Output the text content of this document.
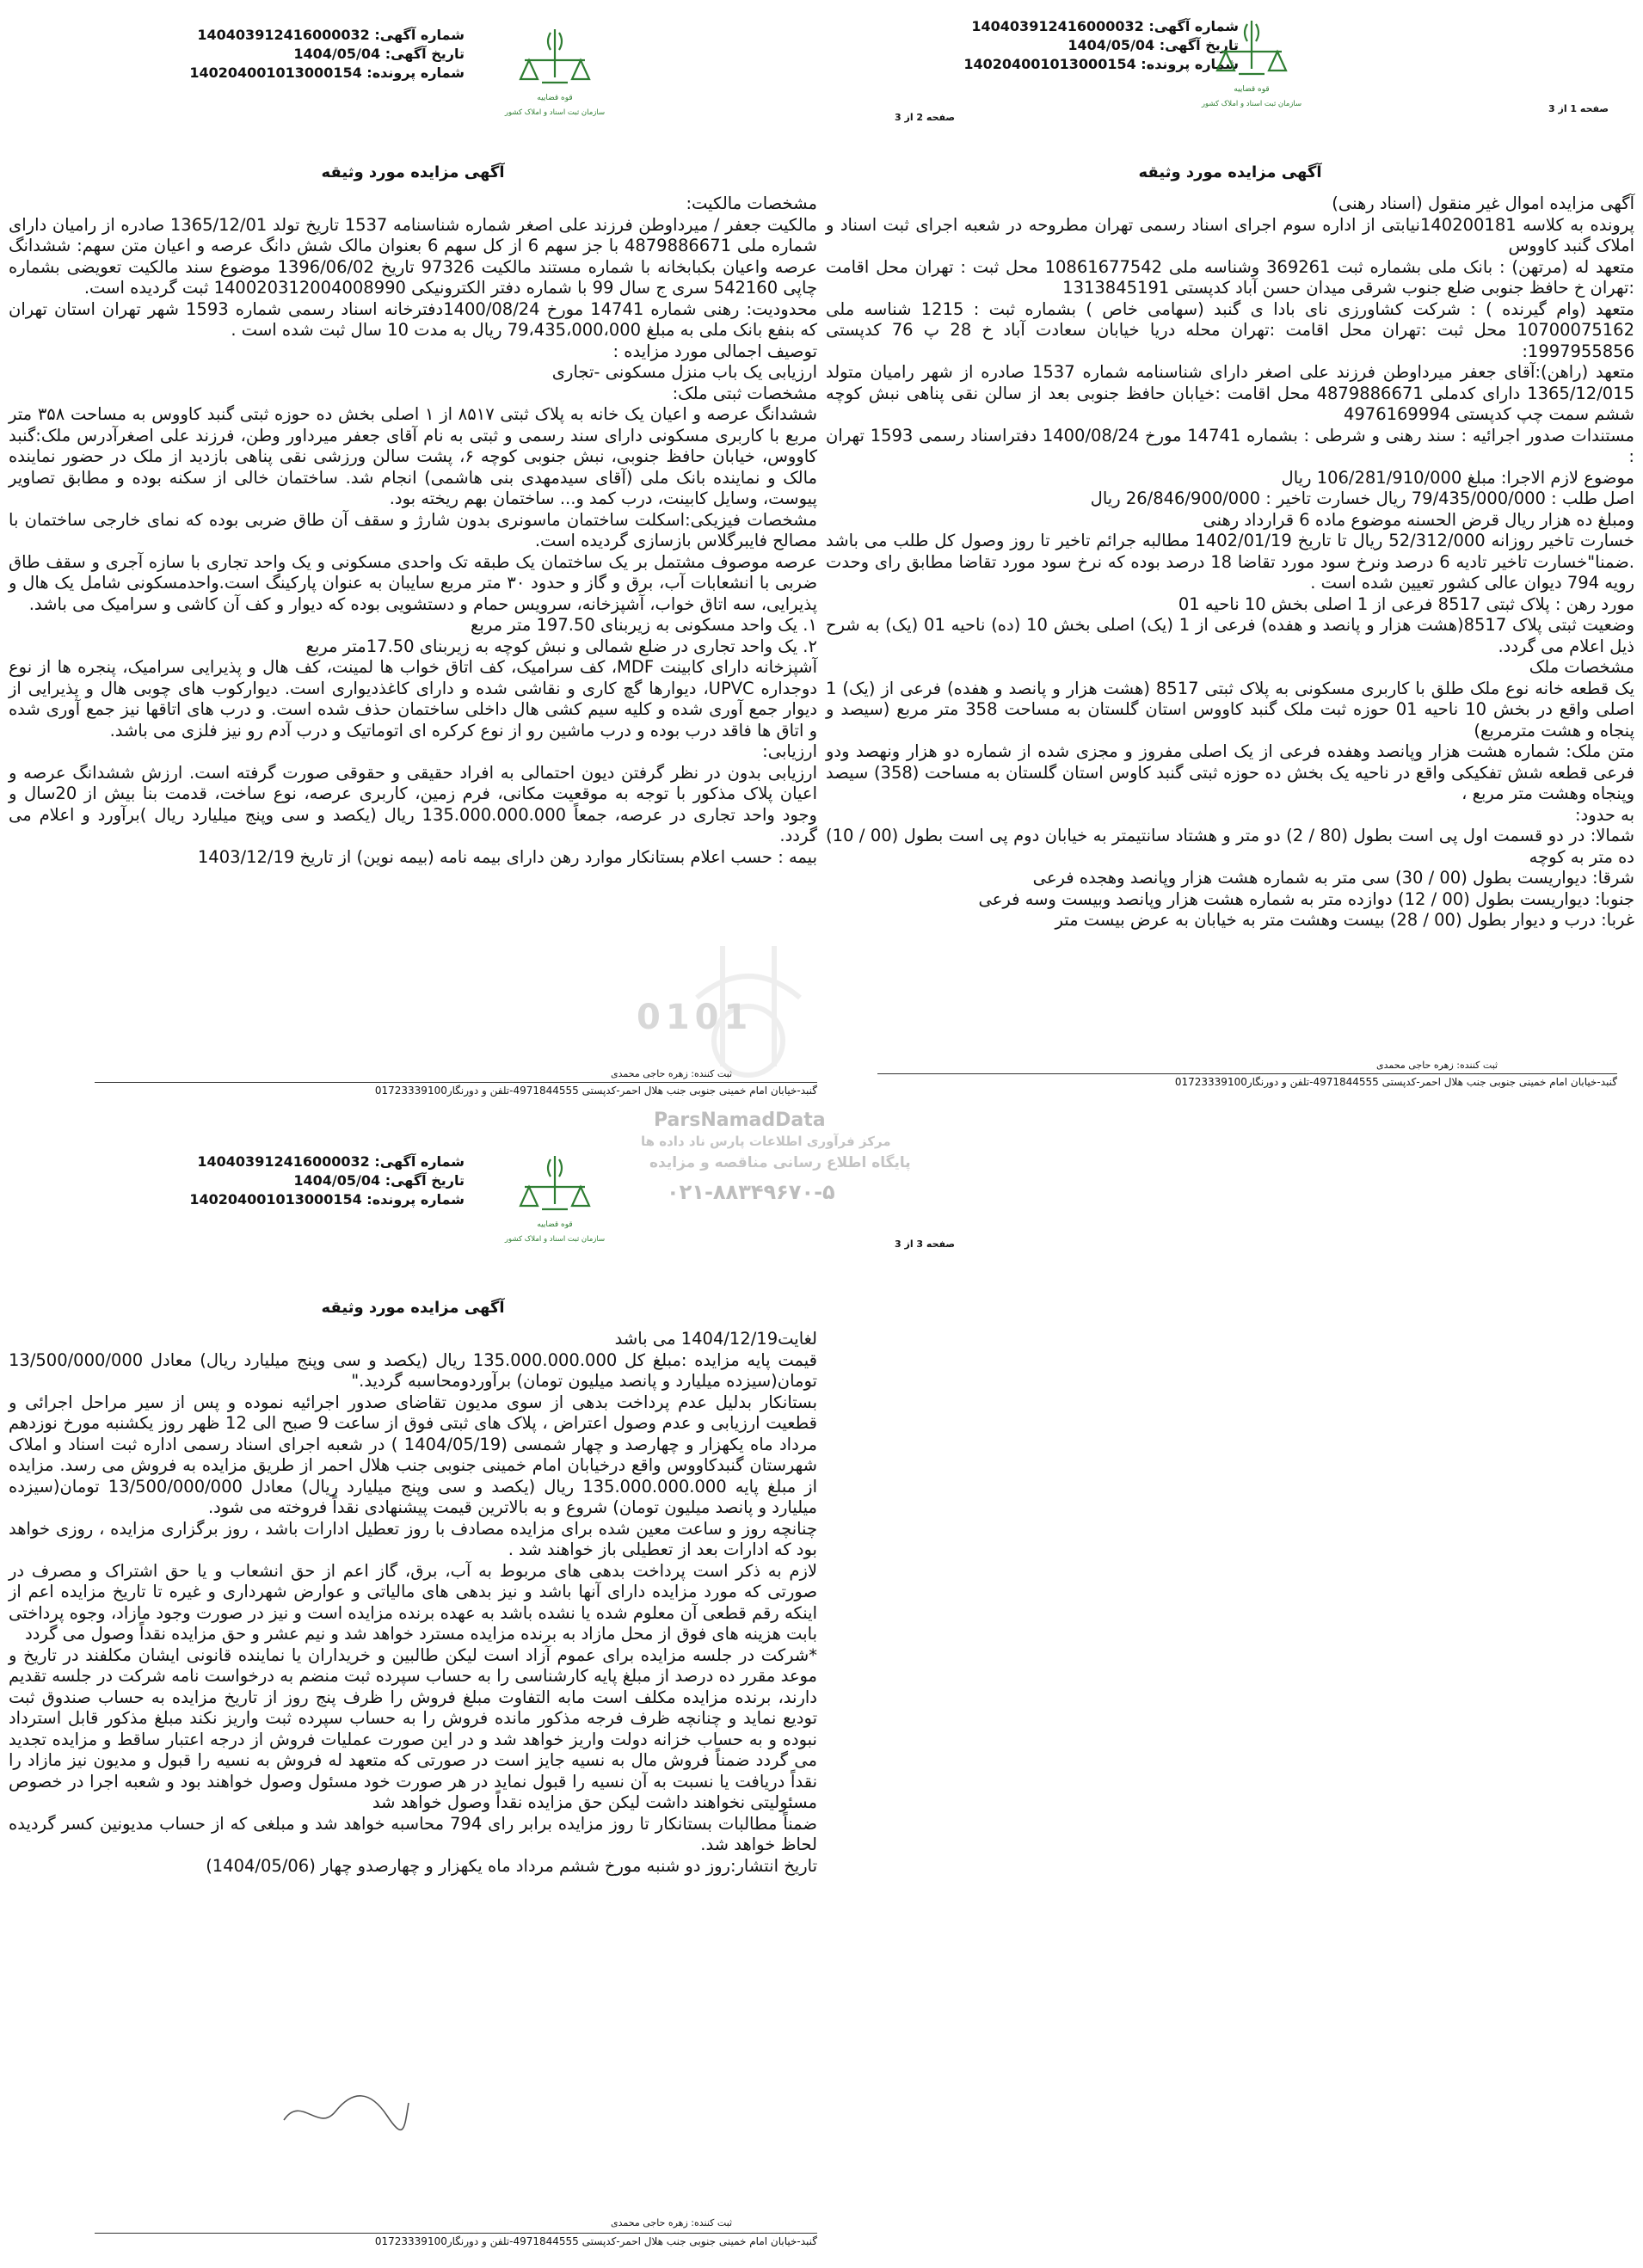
شماره آگهی: 140403912416000032
تاریخ آگهی: 1404/05/04
شماره پرونده: 140204001013000154
قوه قضاییه
سازمان ثبت اسناد و املاک کشور	صفحه 1 از 3
آگهی مزایده مورد وثیقه

آگهی مزایده اموال غیر منقول (اسناد رهنی)

پرونده به کلاسه 140200181نیابتی از اداره سوم اجرای اسناد رسمی تهران مطروحه در شعبه اجرای ثبت اسناد و املاک گنبد کاووس

متعهد له (مرتهن) : بانک ملی بشماره ثبت 369261 وشناسه ملی 10861677542 محل ثبت : تهران محل اقامت :تهران خ حافظ جنوبی ضلع جنوب شرقی میدان حسن آباد کدپستی 1313845191

متعهد (وام گیرنده ) : شرکت کشاورزی نای بادا ی گنبد (سهامی خاص ) بشماره ثبت : 1215 شناسه ملی 10700075162 محل ثبت :تهران محل اقامت :تهران محله دریا خیابان سعادت آباد خ 28 پ 76 کدپستی 1997955856:

متعهد (راهن):آقای جعفر میرداوطن فرزند علی اصغر دارای شناسنامه شماره 1537 صادره از شهر رامیان متولد 1365/12/015 دارای کدملی 4879886671 محل اقامت :خیابان حافظ جنوبی بعد از سالن نقی پناهی نبش کوچه ششم سمت چپ کدپستی 4976169994

مستندات صدور اجرائیه : سند رهنی و شرطی : بشماره 14741 مورخ 1400/08/24 دفتراسناد رسمی 1593 تهران :

موضوع لازم الاجرا: مبلغ 106/281/910/000 ریال

اصل طلب : 79/435/000/000 ریال خسارت تاخیر : 26/846/900/000 ریال

ومبلغ ده هزار ریال قرض الحسنه موضوع ماده 6 قرارداد رهنی

خسارت تاخیر روزانه 52/312/000 ریال تا تاریخ 1402/01/19 مطالبه جرائم تاخیر تا روز وصول کل طلب می باشد .ضمنا"خسارت تاخیر تادیه 6 درصد ونرخ سود مورد تقاضا 18 درصد بوده که نرخ سود مورد تقاضا مطابق رای وحدت رویه 794 دیوان عالی کشور تعیین شده است .

مورد رهن : پلاک ثبتی 8517 فرعی از 1 اصلی بخش 10 ناحیه 01

وضعیت ثبتی پلاک 8517(هشت هزار و پانصد و هفده) فرعی از 1 (یک) اصلی بخش 10 (ده) ناحیه 01 (یک) به شرح ذیل اعلام می گردد.

مشخصات ملک

یک قطعه خانه نوع ملک طلق با کاربری مسکونی به پلاک ثبتی 8517 (هشت هزار و پانصد و هفده) فرعی از (یک) 1 اصلی واقع در بخش 10 ناحیه 01 حوزه ثبت ملک گنبد کاووس استان گلستان به مساحت 358 متر مربع (سیصد و پنجاه و هشت مترمربع)

متن ملک: شماره هشت هزار وپانصد وهفده فرعی از یک اصلی مفروز و مجزی شده از شماره دو هزار ونهصد ودو فرعی قطعه شش تفکیکی واقع در ناحیه یک بخش ده حوزه ثبتی گنبد کاوس استان گلستان به مساحت (358) سیصد وپنجاه وهشت متر مربع ،

به حدود:

شمالا: در دو قسمت اول پی است بطول (80 / 2) دو متر و هشتاد سانتیمتر به خیابان دوم پی است بطول (00 / 10) ده متر به کوچه

شرقا: دیواریست بطول (00 / 30) سی متر به شماره هشت هزار وپانصد وهجده فرعی

جنوبا: دیواریست بطول (00 / 12) دوازده متر به شماره هشت هزار وپانصد وبیست وسه فرعی

غربا: درب و دیوار بطول (00 / 28) بیست وهشت متر به خیابان به عرض بیست متر

ثبت کننده: زهره حاجی محمدی
گنبد-خیابان امام خمینی جنوبی جنب هلال احمر-کدپستی 4971844555-تلفن و دورنگار01723339100
شماره آگهی: 140403912416000032
تاریخ آگهی: 1404/05/04
شماره پرونده: 140204001013000154
قوه قضاییه
سازمان ثبت اسناد و املاک کشور	صفحه 2 از 3
آگهی مزایده مورد وثیقه

مشخصات مالکیت:

مالکیت جعفر / میرداوطن فرزند علی اصغر شماره شناسنامه 1537 تاریخ تولد 1365/12/01 صادره از رامیان دارای شماره ملی 4879886671 با جز سهم 6 از کل سهم 6 بعنوان مالک شش دانگ عرصه و اعیان متن سهم: ششدانگ عرصه واعیان بکبابخانه با شماره مستند مالکیت 97326 تاریخ 1396/06/02 موضوع سند مالکیت تعویضی بشماره چاپی 542160 سری ج سال 99 با شماره دفتر الکترونیکی 140020312004008990 ثبت گردیده است.

محدودیت: رهنی شماره 14741 مورخ 1400/08/24دفترخانه اسناد رسمی شماره 1593 شهر تهران استان تهران که بنفع بانک ملی به مبلغ 79،435،000،000 ریال به مدت 10 سال ثبت شده است .

توصیف اجمالی مورد مزایده :

ارزیابی یک باب منزل مسکونی -تجاری

مشخصات ثبتی ملک:

ششدانگ عرصه و اعیان یک خانه به پلاک ثبتی ۸۵۱۷ از ۱ اصلی بخش ده حوزه ثبتی گنبد کاووس به مساحت ۳۵۸ متر مربع با کاربری مسکونی دارای سند رسمی و ثبتی به نام آقای جعفر میرداور وطن، فرزند علی اصغرآدرس ملک:گنبد کاووس، خیابان حافظ جنوبی، نبش جنوبی کوچه ۶، پشت سالن ورزشی نقی پناهی بازدید از ملک در حضور نماینده مالک و نماینده بانک ملی (آقای سیدمهدی بنی هاشمی) انجام شد. ساختمان خالی از سکنه بوده و مطابق تصاویر پیوست، وسایل کابینت، درب کمد و... ساختمان بهم ریخته بود.

مشخصات فیزیکی:اسکلت ساختمان ماسونری بدون شارژ و سقف آن طاق ضربی بوده که نمای خارجی ساختمان با مصالح فایبرگلاس بازسازی گردیده است.

عرصه موصوف مشتمل بر یک ساختمان یک طبقه تک واحدی مسکونی و یک واحد تجاری با سازه آجری و سقف طاق ضربی با انشعابات آب، برق و گاز و حدود ۳۰ متر مربع سایبان به عنوان پارکینگ است.واحدمسکونی شامل یک هال و پذیرایی، سه اتاق خواب، آشپزخانه، سرویس حمام و دستشویی بوده که دیوار و کف آن کاشی و سرامیک می باشد.

۱. یک واحد مسکونی به زیربنای 197.50 متر مربع

۲. یک واحد تجاری در ضلع شمالی و نبش کوچه به زیربنای 17.50متر مربع

آشپزخانه دارای کابینت MDF، کف سرامیک، کف اتاق خواب ها لمینت، کف هال و پذیرایی سرامیک، پنجره ها از نوع دوجداره UPVC، دیوارها گچ کاری و نقاشی شده و دارای کاغذدیواری است. دیوارکوب های چوبی هال و پذیرایی از دیوار جمع آوری شده و کلیه سیم کشی هال داخلی ساختمان حذف شده است. و درب های اتاقها نیز جمع آوری شده و اتاق ها فاقد درب بوده و درب ماشین رو از نوع کرکره ای اتوماتیک و درب آدم رو نیز فلزی می باشد.

ارزیابی:

ارزیابی بدون در نظر گرفتن دیون احتمالی به افراد حقیقی و حقوقی صورت گرفته است. ارزش ششدانگ عرصه و اعیان پلاک مذکور با توجه به موقعیت مکانی، فرم زمین، کاربری عرصه، نوع ساخت، قدمت بنا بیش از 20سال و وجود واحد تجاری در عرصه، جمعاً 135.000.000.000 ریال (یکصد و سی وپنج میلیارد ریال )برآورد و اعلام می گردد.

بیمه : حسب اعلام بستانکار موارد رهن دارای بیمه نامه (بیمه نوین) از تاریخ 1403/12/19

ثبت کننده: زهره حاجی محمدی
گنبد-خیابان امام خمینی جنوبی جنب هلال احمر-کدپستی 4971844555-تلفن و دورنگار01723339100
0101
ParsNamadData
مرکز فرآوری اطلاعات پارس ناد داده ها
پایگاه اطلاع رسانی مناقصه و مزایده
۰۲۱-۸۸۳۴۹۶۷۰-۵
شماره آگهی: 140403912416000032
تاریخ آگهی: 1404/05/04
شماره پرونده: 140204001013000154
قوه قضاییه
سازمان ثبت اسناد و املاک کشور	صفحه 3 از 3
آگهی مزایده مورد وثیقه

لغایت1404/12/19 می باشد

قیمت پایه مزایده :مبلغ کل 135.000.000.000 ریال (یکصد و سی وپنج میلیارد ریال) معادل 13/500/000/000 تومان(سیزده میلیارد و پانصد میلیون تومان) برآوردومحاسبه گردید."

بستانکار بدلیل عدم پرداخت بدهی از سوی مدیون تقاضای صدور اجرائیه نموده و پس از سیر مراحل اجرائی و قطعیت ارزیابی و عدم وصول اعتراض ، پلاک های ثبتی فوق از ساعت 9 صبح الی 12 ظهر روز یکشنبه مورخ نوزدهم مرداد ماه یکهزار و چهارصد و چهار شمسی (1404/05/19 ) در شعبه اجرای اسناد رسمی اداره ثبت اسناد و املاک شهرستان گنبدکاووس واقع درخیابان امام خمینی جنوبی جنب هلال احمر از طریق مزایده به فروش می رسد. مزایده از مبلغ پایه 135.000.000.000 ریال (یکصد و سی وپنج میلیارد ریال) معادل 13/500/000/000 تومان(سیزده میلیارد و پانصد میلیون تومان) شروع و به بالاترین قیمت پیشنهادی نقداً فروخته می شود.

چنانچه روز و ساعت معین شده برای مزایده مصادف با روز تعطیل ادارات باشد ، روز برگزاری مزایده ، روزی خواهد بود که ادارات بعد از تعطیلی باز خواهند شد .

لازم به ذکر است پرداخت بدهی های مربوط به آب، برق، گاز اعم از حق انشعاب و یا حق اشتراک و مصرف در صورتی که مورد مزایده دارای آنها باشد و نیز بدهی های مالیاتی و عوارض شهرداری و غیره تا تاریخ مزایده اعم از اینکه رقم قطعی آن معلوم شده یا نشده باشد به عهده برنده مزایده است و نیز در صورت وجود مازاد، وجوه پرداختی بابت هزینه های فوق از محل مازاد به برنده مزایده مسترد خواهد شد و نیم عشر و حق مزایده نقداً وصول می گردد

*شرکت در جلسه مزایده برای عموم آزاد است لیکن طالبین و خریداران یا نماینده قانونی ایشان مکلفند در تاریخ و موعد مقرر ده درصد از مبلغ پایه کارشناسی را به حساب سپرده ثبت منضم به درخواست نامه شرکت در جلسه تقدیم دارند، برنده مزایده مکلف است مابه التفاوت مبلغ فروش را ظرف پنج روز از تاریخ مزایده به حساب صندوق ثبت تودیع نماید و چنانچه ظرف فرجه مذکور مانده فروش را به حساب سپرده ثبت واریز نکند مبلغ مذکور قابل استرداد نبوده و به حساب خزانه دولت واریز خواهد شد و در این صورت عملیات فروش از درجه اعتبار ساقط و مزایده تجدید می گردد ضمناً فروش مال به نسیه جایز است در صورتی که متعهد له فروش به نسیه را قبول و مدیون نیز مازاد را نقداً دریافت یا نسبت به آن نسیه را قبول نماید در هر صورت خود مسئول وصول خواهند بود و شعبه اجرا در خصوص مسئولیتی نخواهند داشت لیکن حق مزایده نقداً وصول خواهد شد

ضمناً مطالبات بستانکار تا روز مزایده برابر رای 794 محاسبه خواهد شد و مبلغی که از حساب مدیونین کسر گردیده لحاظ خواهد شد.

تاریخ انتشار:روز دو شنبه مورخ ششم مرداد ماه یکهزار و چهارصدو چهار (1404/05/06)

ثبت کننده: زهره حاجی محمدی
گنبد-خیابان امام خمینی جنوبی جنب هلال احمر-کدپستی 4971844555-تلفن و دورنگار01723339100
